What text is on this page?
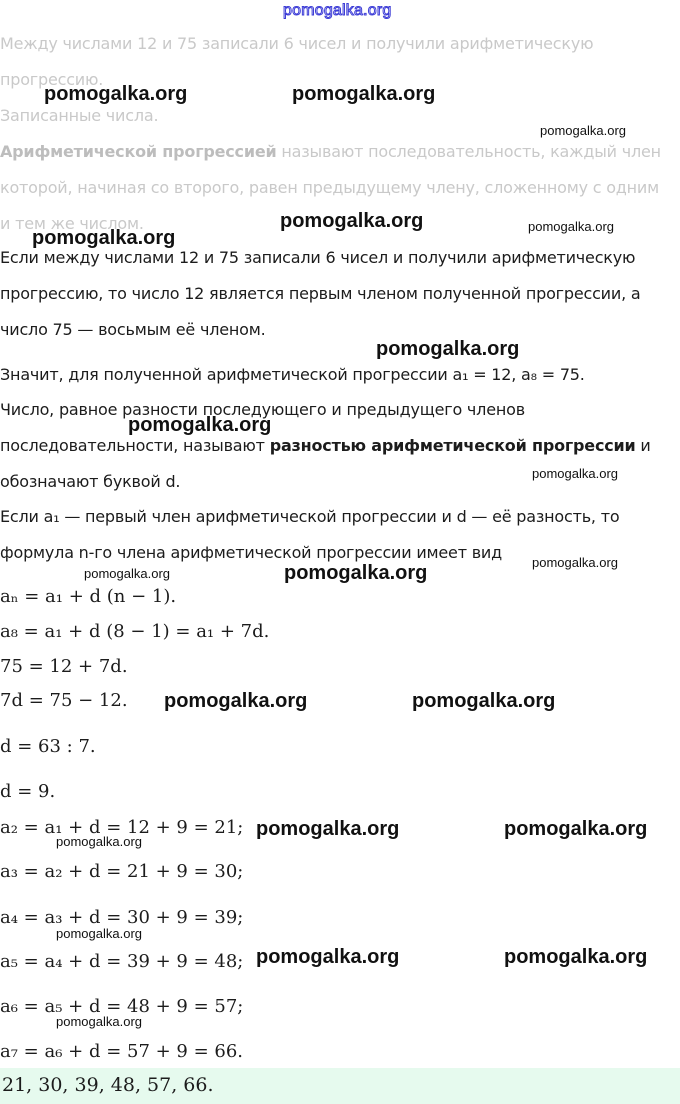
pomogalka.org
Между числами 12 и 75 записали 6 чисел и получили арифметическую
прогрессию.
Записанные числа.
Арифметической прогрессией называют последовательность, каждый член
которой, начиная со второго, равен предыдущему члену, сложенному с одним
и тем же числом.
Если между числами 12 и 75 записали 6 чисел и получили арифметическую
прогрессию, то число 12 является первым членом полученной прогрессии, а
число 75 — восьмым её членом.
Значит, для полученной арифметической прогрессии a₁ = 12, a₈ = 75.
Число, равное разности последующего и предыдущего членов
последовательности, называют разностью арифметической прогрессии и
обозначают буквой d.
Если a₁ — первый член арифметической прогрессии и d — её разность, то
формула n-го члена арифметической прогрессии имеет вид
aₙ = a₁ + d (n − 1).
a₈ = a₁ + d (8 − 1) = a₁ + 7d.
75 = 12 + 7d.
7d = 75 − 12.
d = 63 : 7.
d = 9.
a₂ = a₁ + d = 12 + 9 = 21;
a₃ = a₂ + d = 21 + 9 = 30;
a₄ = a₃ + d = 30 + 9 = 39;
a₅ = a₄ + d = 39 + 9 = 48;
a₆ = a₅ + d = 48 + 9 = 57;
a₇ = a₆ + d = 57 + 9 = 66.
21, 30, 39, 48, 57, 66.
pomogalka.org	pomogalka.org
pomogalka.org
pomogalka.org	pomogalka.org
pomogalka.org
pomogalka.org
pomogalka.org
pomogalka.org
pomogalka.org
pomogalka.org	pomogalka.org
pomogalka.org	pomogalka.org
pomogalka.org	pomogalka.org
pomogalka.org
pomogalka.org
pomogalka.org	pomogalka.org
pomogalka.org
